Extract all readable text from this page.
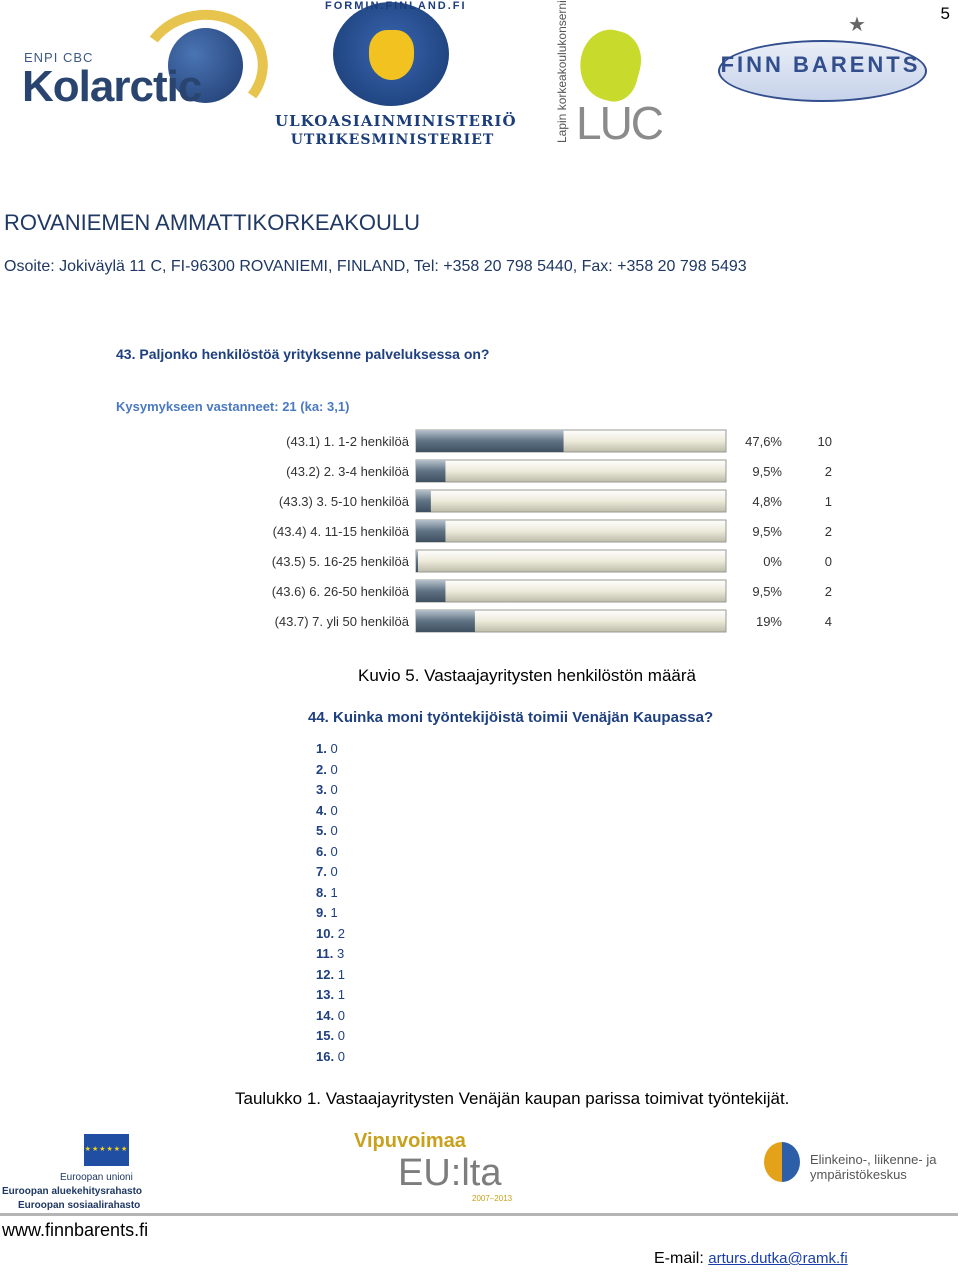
5
ENPI CBC
Kolarctic
FORMIN.FINLAND.FI
ULKOASIAINMINISTERIÖ
UTRIKESMINISTERIET	Lapin korkeakoulukonserni LUC
★
FINN BARENTS
ROVANIEMEN AMMATTIKORKEAKOULU
Osoite: Jokiväylä 11 C, FI-96300 ROVANIEMI, FINLAND, Tel: +358 20 798 5440, Fax: +358 20 798 5493
43. Paljonko henkilöstöä yrityksenne palveluksessa on?
Kysymykseen vastanneet: 21 (ka: 3,1)
(43.1) 1. 1-2 henkilöä	47,6%	10
(43.2) 2. 3-4 henkilöä	9,5%	2
(43.3) 3. 5-10 henkilöä	4,8%	1
(43.4) 4. 11-15 henkilöä	9,5%	2
(43.5) 5. 16-25 henkilöä	0%	0
(43.6) 6. 26-50 henkilöä	9,5%	2
(43.7) 7. yli 50 henkilöä	19%	4
Kuvio 5. Vastaajayritysten henkilöstön määrä
44. Kuinka moni työntekijöistä toimii Venäjän Kaupassa?
1. 0
2. 0
3. 0
4. 0
5. 0
6. 0
7. 0
8. 1
9. 1
10. 2
11. 3
12. 1
13. 1
14. 0
15. 0
16. 0
Taulukko 1. Vastaajayritysten Venäjän kaupan parissa toimivat työntekijät.
★★★★★★
Euroopan unioni
Euroopan aluekehitysrahasto
Euroopan sosiaalirahasto
Vipuvoimaa
EU:lta
2007–2013
Elinkeino-, liikenne- ja
ympäristökeskus
www.finnbarents.fi
E-mail: arturs.dutka@ramk.fi
